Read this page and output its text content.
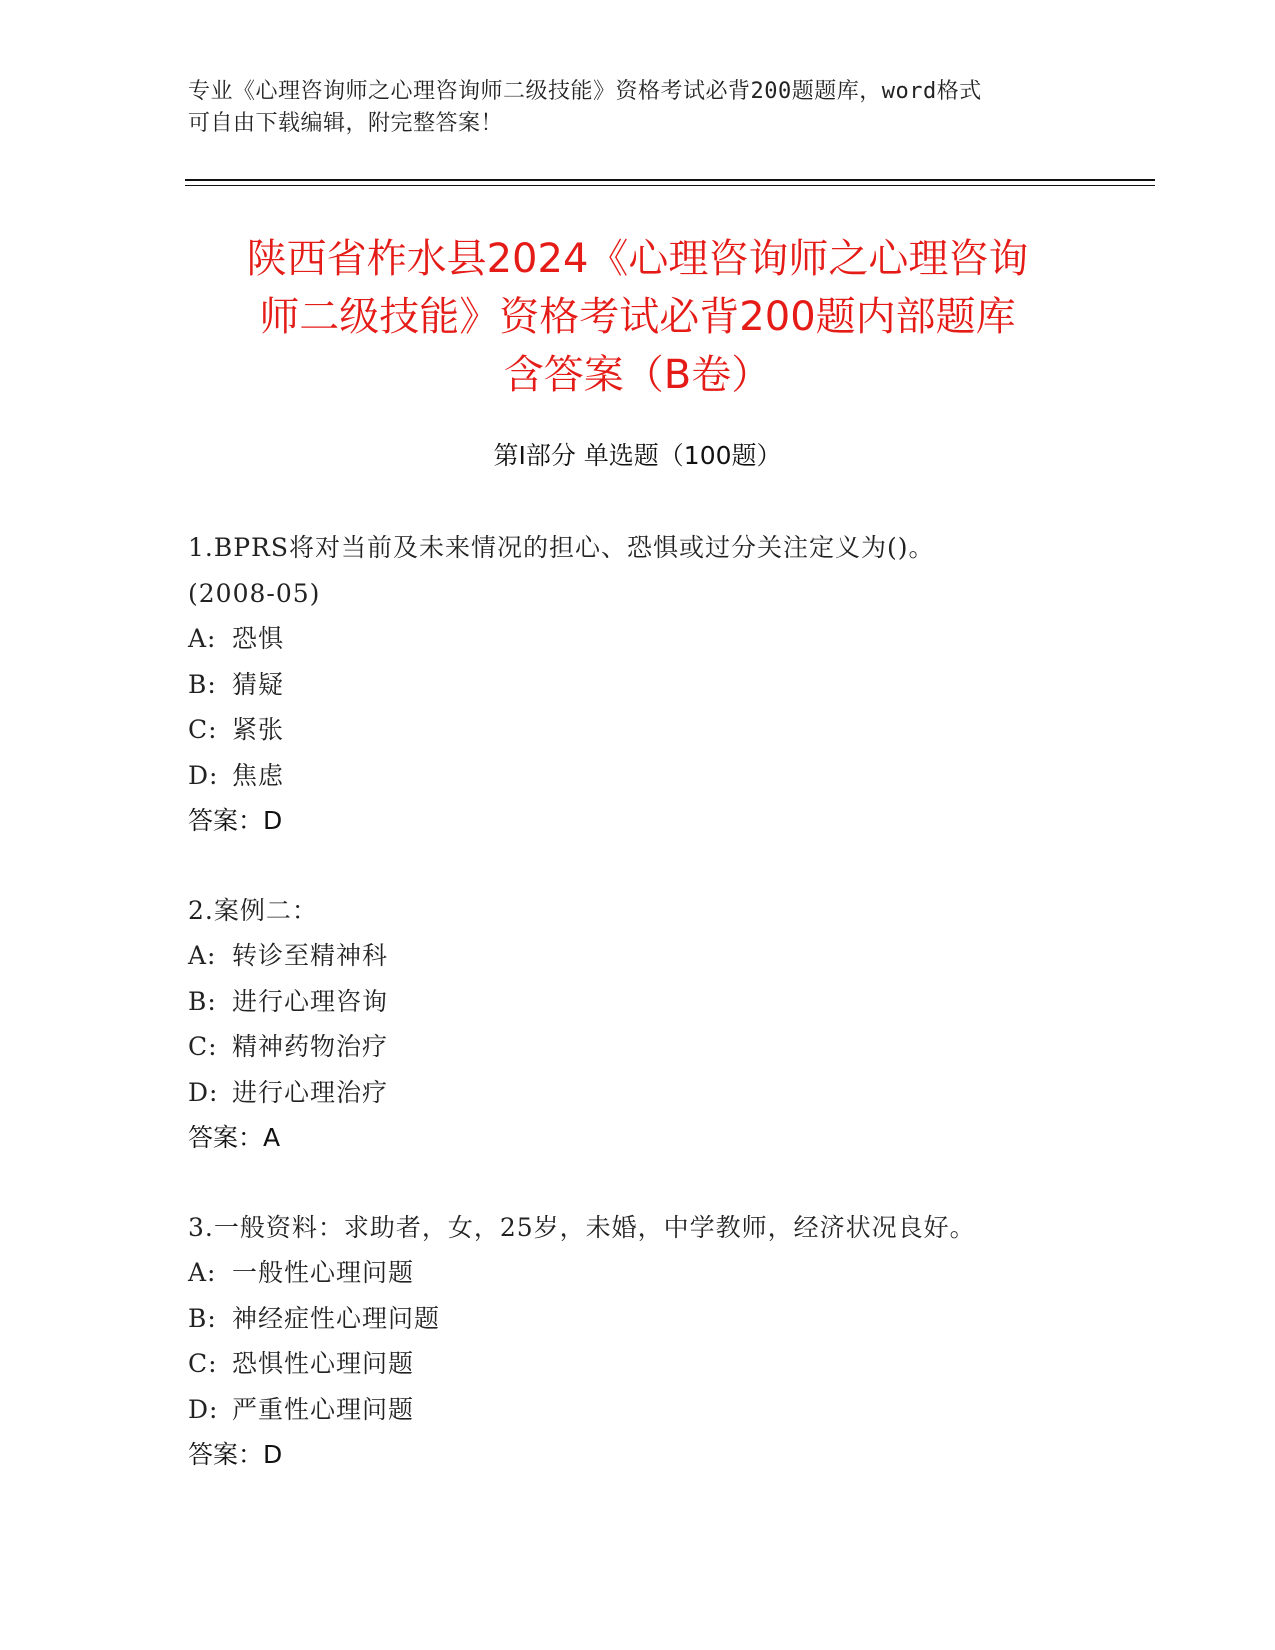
专业《心理咨询师之心理咨询师二级技能》资格考试必背200题题库，word格式
可自由下载编辑，附完整答案！
陕西省柞水县2024《心理咨询师之心理咨询
师二级技能》资格考试必背200题内部题库
含答案（B卷）
第Ⅰ部分 单选题（100题）
1.BPRS将对当前及未来情况的担心、恐惧或过分关注定义为()。
(2008-05)
A: 恐惧
B: 猜疑
C: 紧张
D: 焦虑
答案：D
2.案例二：
A: 转诊至精神科
B: 进行心理咨询
C: 精神药物治疗
D: 进行心理治疗
答案：A
3.一般资料：求助者，女，25岁，未婚，中学教师，经济状况良好。
A: 一般性心理问题
B: 神经症性心理问题
C: 恐惧性心理问题
D: 严重性心理问题
答案：D
